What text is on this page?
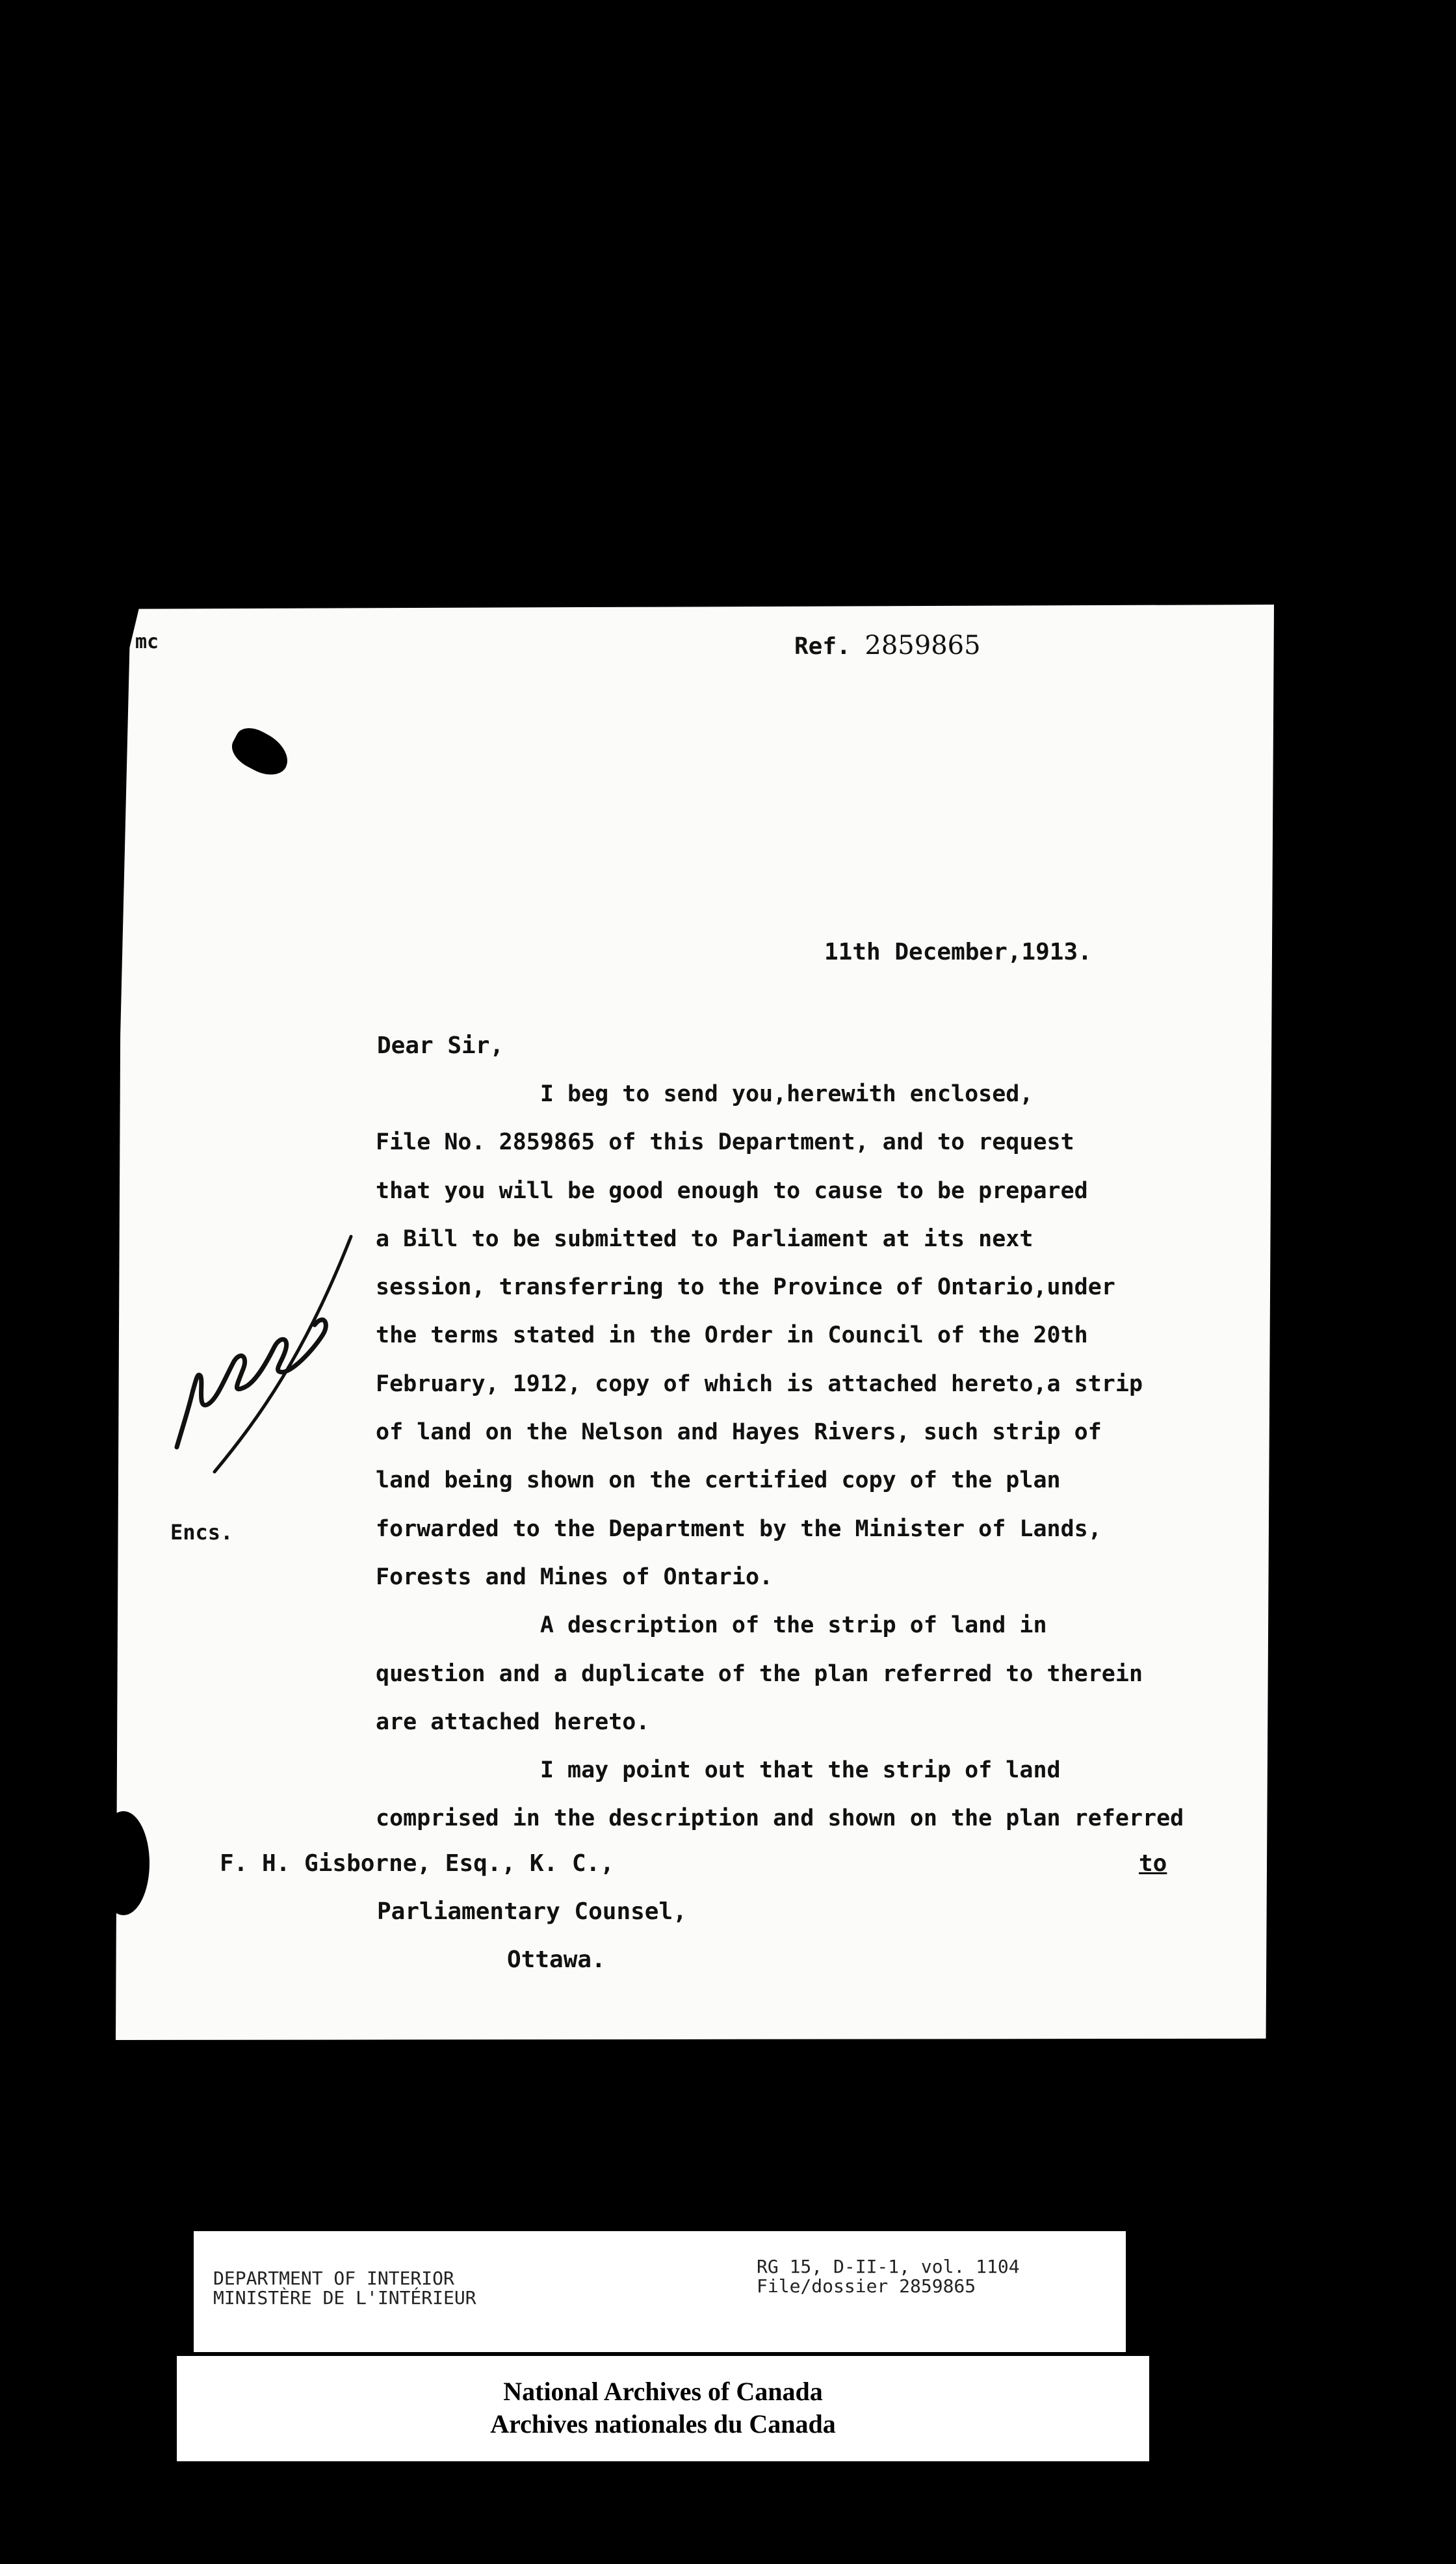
mc	Ref. 2859865
11th December,1913.
Dear Sir,
I beg to send you,herewith enclosed,
File No. 2859865 of this Department, and to request
that you will be good enough to cause to be prepared
a Bill to be submitted to Parliament at its next
session, transferring to the Province of Ontario,under
the terms stated in the Order in Council of the 20th
February, 1912, copy of which is attached hereto,a strip
of land on the Nelson and Hayes Rivers, such strip of
land being shown on the certified copy of the plan
forwarded to the Department by the Minister of Lands,
Forests and Mines of Ontario.
A description of the strip of land in
question and a duplicate of the plan referred to therein
are attached hereto.
I may point out that the strip of land
comprised in the description and shown on the plan referred
Encs.
F. H. Gisborne, Esq., K. C.,	to
Parliamentary Counsel,
Ottawa.
DEPARTMENT OF INTERIOR
MINISTÈRE DE L'INTÉRIEUR
RG 15, D-II-1, vol. 1104
File/dossier 2859865
National Archives of Canada
Archives nationales du Canada
